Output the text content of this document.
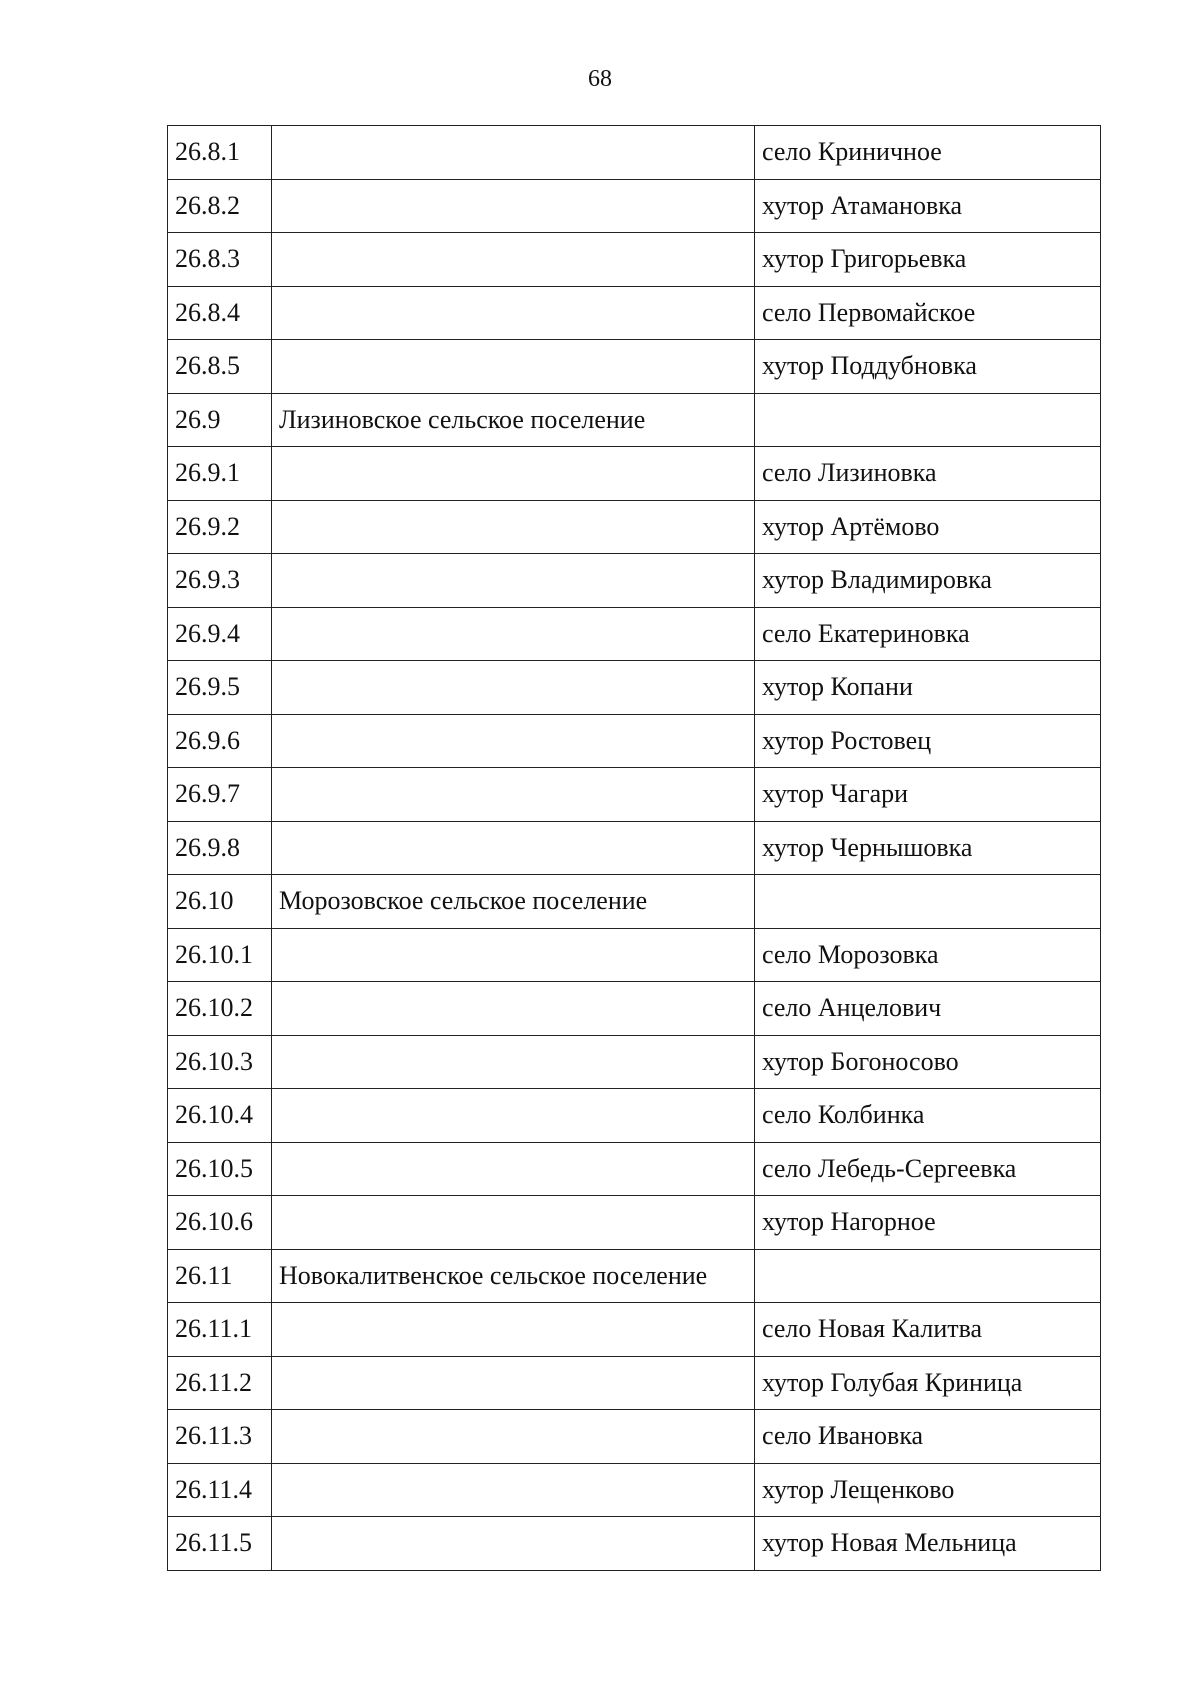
68
26.8.1		село Криничное
26.8.2		хутор Атамановка
26.8.3		хутор Григорьевка
26.8.4		село Первомайское
26.8.5		хутор Поддубновка
26.9	Лизиновское сельское поселение	
26.9.1		село Лизиновка
26.9.2		хутор Артёмово
26.9.3		хутор Владимировка
26.9.4		село Екатериновка
26.9.5		хутор Копани
26.9.6		хутор Ростовец
26.9.7		хутор Чагари
26.9.8		хутор Чернышовка
26.10	Морозовское сельское поселение	
26.10.1		село Морозовка
26.10.2		село Анцелович
26.10.3		хутор Богоносово
26.10.4		село Колбинка
26.10.5		село Лебедь-Сергеевка
26.10.6		хутор Нагорное
26.11	Новокалитвенское сельское поселение	
26.11.1		село Новая Калитва
26.11.2		хутор Голубая Криница
26.11.3		село Ивановка
26.11.4		хутор Лещенково
26.11.5		хутор Новая Мельница
